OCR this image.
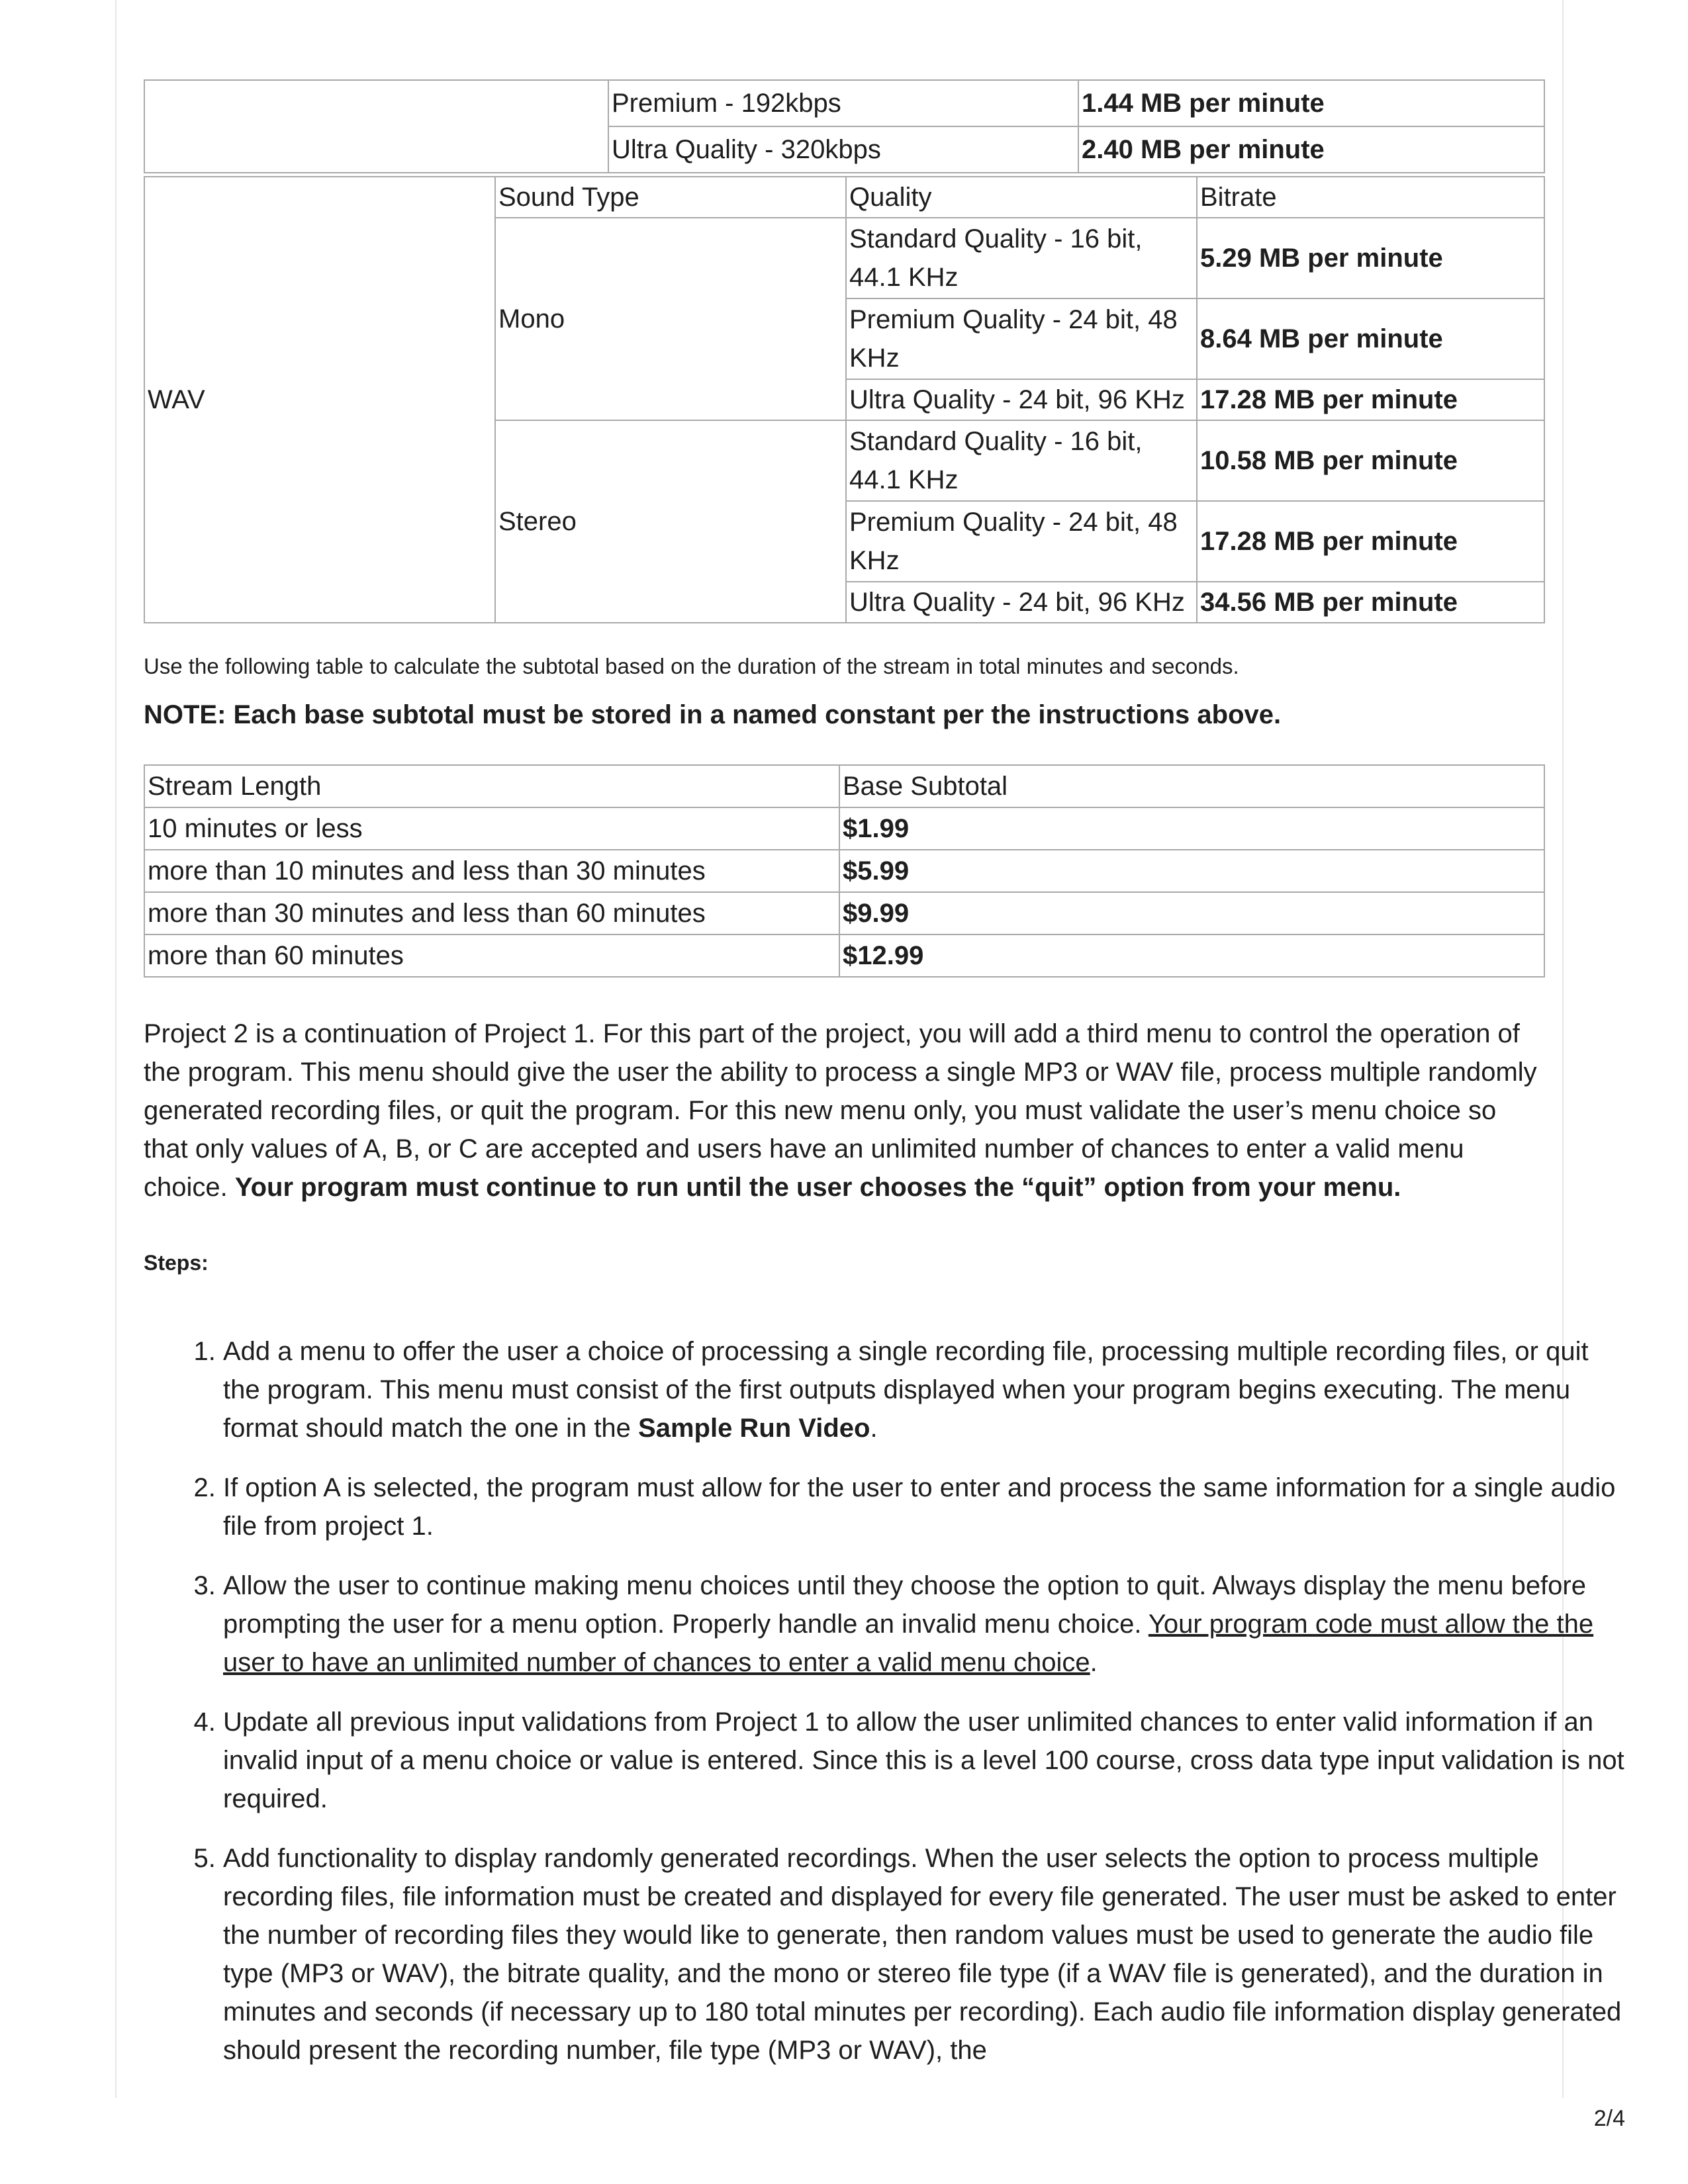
Premium - 192kbps	1.44 MB per minute
Ultra Quality - 320kbps	2.40 MB per minute
WAV	Sound Type	Quality	Bitrate
	Mono	Standard Quality - 16 bit, 44.1 KHz	5.29 MB per minute
		Premium Quality - 24 bit, 48 KHz	8.64 MB per minute
		Ultra Quality - 24 bit, 96 KHz	17.28 MB per minute
	Stereo	Standard Quality - 16 bit, 44.1 KHz	10.58 MB per minute
		Premium Quality - 24 bit, 48 KHz	17.28 MB per minute
		Ultra Quality - 24 bit, 96 KHz	34.56 MB per minute

Use the following table to calculate the subtotal based on the duration of the stream in total minutes and seconds.

NOTE: Each base subtotal must be stored in a named constant per the instructions above.

Stream Length	Base Subtotal
10 minutes or less	$1.99
more than 10 minutes and less than 30 minutes	$5.99
more than 30 minutes and less than 60 minutes	$9.99
more than 60 minutes	$12.99

Project 2 is a continuation of Project 1. For this part of the project, you will add a third menu to control the operation of the program. This menu should give the user the ability to process a single MP3 or WAV file, process multiple randomly generated recording files, or quit the program. For this new menu only, you must validate the user’s menu choice so that only values of A, B, or C are accepted and users have an unlimited number of chances to enter a valid menu choice. Your program must continue to run until the user chooses the “quit” option from your menu.

Steps:

1. Add a menu to offer the user a choice of processing a single recording file, processing multiple recording files, or quit the program. This menu must consist of the first outputs displayed when your program begins executing. The menu format should match the one in the Sample Run Video.
2. If option A is selected, the program must allow for the user to enter and process the same information for a single audio file from project 1.
3. Allow the user to continue making menu choices until they choose the option to quit. Always display the menu before prompting the user for a menu option. Properly handle an invalid menu choice. Your program code must allow the the user to have an unlimited number of chances to enter a valid menu choice.
4. Update all previous input validations from Project 1 to allow the user unlimited chances to enter valid information if an invalid input of a menu choice or value is entered. Since this is a level 100 course, cross data type input validation is not required.
5. Add functionality to display randomly generated recordings. When the user selects the option to process multiple recording files, file information must be created and displayed for every file generated. The user must be asked to enter the number of recording files they would like to generate, then random values must be used to generate the audio file type (MP3 or WAV), the bitrate quality, and the mono or stereo file type (if a WAV file is generated), and the duration in minutes and seconds (if necessary up to 180 total minutes per recording). Each audio file information display generated should present the recording number, file type (MP3 or WAV), the
2/4
